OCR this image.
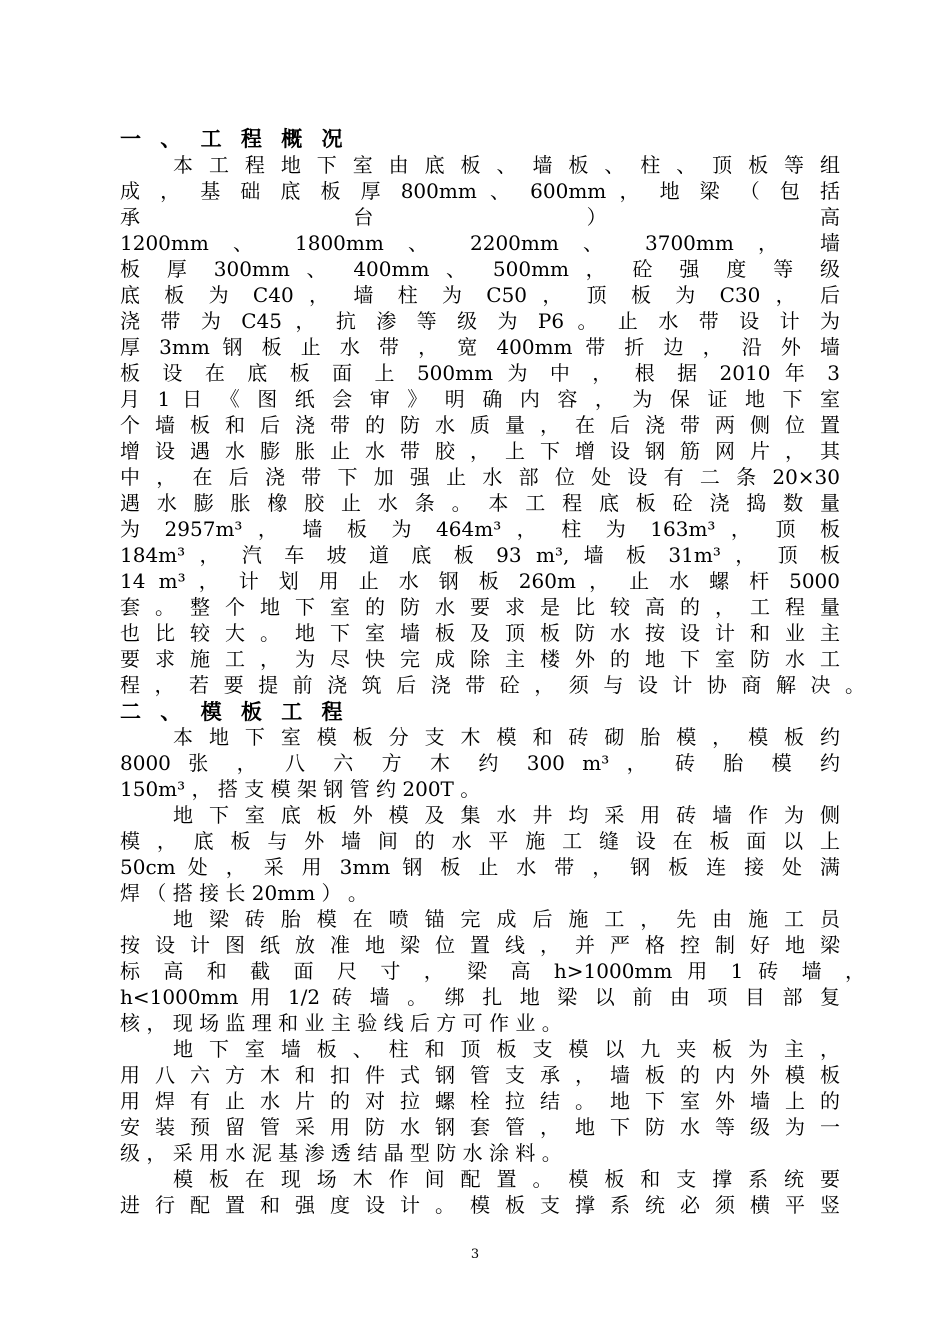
一 、 工 程 概 况
本 工 程 地 下 室 由 底 板 、 墙 板 、 柱 、 顶 板 等 组
成 ， 基 础 底 板 厚 800mm 、 600mm ， 地 梁 （ 包 括
承 台 ） 高
1200mm 、 1800mm 、 2200mm 、 3700mm ， 墙
板 厚 300mm 、 400mm 、 500mm ， 砼 强 度 等 级
底 板 为 C40 ， 墙 柱 为 C50 ， 顶 板 为 C30 ， 后
浇 带 为 C45 ， 抗 渗 等 级 为 P6 。 止 水 带 设 计 为
厚 3mm 钢 板 止 水 带 ， 宽 400mm 带 折 边 ， 沿 外 墙
板 设 在 底 板 面 上 500mm 为 中 ， 根 据 2010 年 3
月 1 日 《 图 纸 会 审 》 明 确 内 容 ， 为 保 证 地 下 室
个 墙 板 和 后 浇 带 的 防 水 质 量 ， 在 后 浇 带 两 侧 位 置
增 设 遇 水 膨 胀 止 水 带 胶 ， 上 下 增 设 钢 筋 网 片 ， 其
中 ， 在 后 浇 带 下 加 强 止 水 部 位 处 设 有 二 条 20×30
遇 水 膨 胀 橡 胶 止 水 条 。 本 工 程 底 板 砼 浇 捣 数 量
为 2957m³ ， 墙 板 为 464m³ ， 柱 为 163m³ ， 顶 板
184m³ ， 汽 车 坡 道 底 板 93 m³, 墙 板 31m³ ， 顶 板
14 m³ ， 计 划 用 止 水 钢 板 260m ， 止 水 螺 杆 5000
套 。 整 个 地 下 室 的 防 水 要 求 是 比 较 高 的 ， 工 程 量
也 比 较 大 。 地 下 室 墙 板 及 顶 板 防 水 按 设 计 和 业 主
要 求 施 工 ， 为 尽 快 完 成 除 主 楼 外 的 地 下 室 防 水 工
程 ， 若 要 提 前 浇 筑 后 浇 带 砼 ， 须 与 设 计 协 商 解 决 。
二 、 模 板 工 程
本 地 下 室 模 板 分 支 木 模 和 砖 砌 胎 模 ， 模 板 约
8000 张 ， 八 六 方 木 约 300 m³ ， 砖 胎 模 约
150m³ ， 搭 支 模 架 钢 管 约 200T 。
地 下 室 底 板 外 模 及 集 水 井 均 采 用 砖 墙 作 为 侧
模 ， 底 板 与 外 墙 间 的 水 平 施 工 缝 设 在 板 面 以 上
50cm 处 ， 采 用 3mm 钢 板 止 水 带 ， 钢 板 连 接 处 满
焊 （ 搭 接 长 20mm ） 。
地 梁 砖 胎 模 在 喷 锚 完 成 后 施 工 ， 先 由 施 工 员
按 设 计 图 纸 放 准 地 梁 位 置 线 ， 并 严 格 控 制 好 地 梁
标 高 和 截 面 尺 寸 ， 梁 高 h>1000mm 用 1 砖 墙 ，
h<1000mm 用 1/2 砖 墙 。 绑 扎 地 梁 以 前 由 项 目 部 复
核 ， 现 场 监 理 和 业 主 验 线 后 方 可 作 业 。
地 下 室 墙 板 、 柱 和 顶 板 支 模 以 九 夹 板 为 主 ，
用 八 六 方 木 和 扣 件 式 钢 管 支 承 ， 墙 板 的 内 外 模 板
用 焊 有 止 水 片 的 对 拉 螺 栓 拉 结 。 地 下 室 外 墙 上 的
安 装 预 留 管 采 用 防 水 钢 套 管 ， 地 下 防 水 等 级 为 一
级 ， 采 用 水 泥 基 渗 透 结 晶 型 防 水 涂 料 。
模 板 在 现 场 木 作 间 配 置 。 模 板 和 支 撑 系 统 要
进 行 配 置 和 强 度 设 计 。 模 板 支 撑 系 统 必 须 横 平 竖
3
